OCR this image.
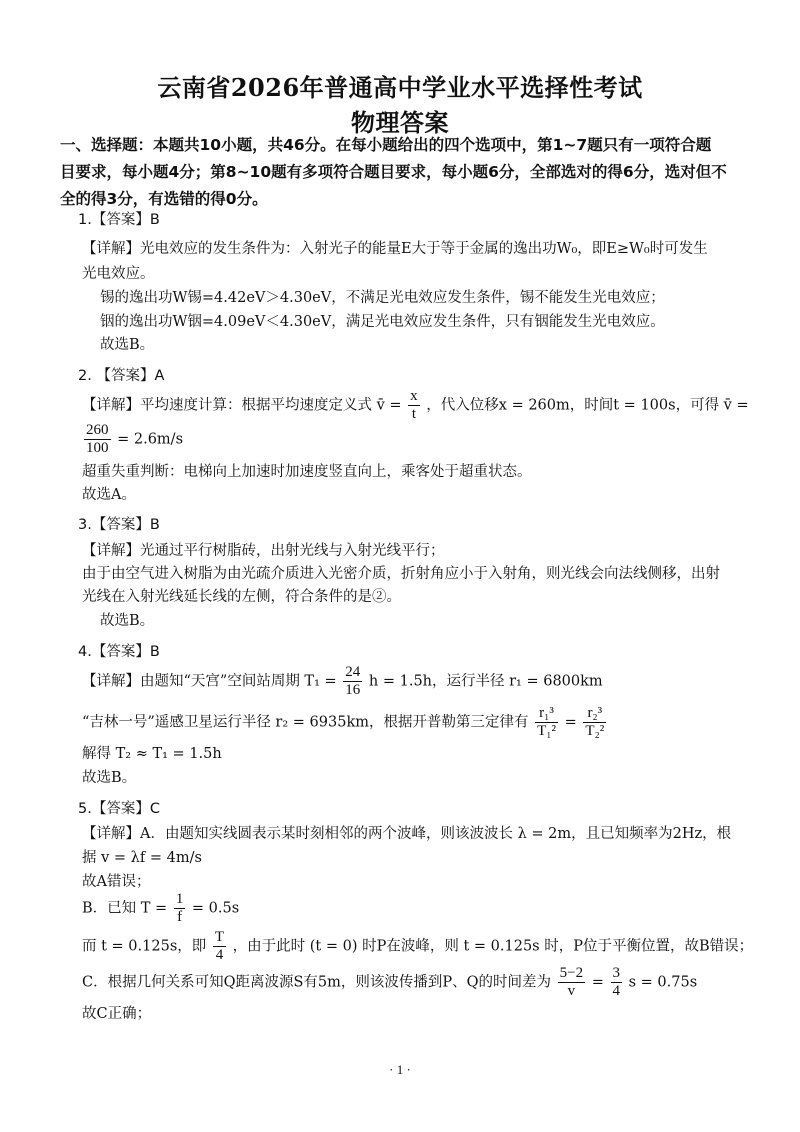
云南省2026年普通高中学业水平选择性考试
物理答案
一、选择题：本题共10小题，共46分。在每小题给出的四个选项中，第1~7题只有一项符合题
目要求，每小题4分；第8~10题有多项符合题目要求，每小题6分，全部选对的得6分，选对但不
全的得3分，有选错的得0分。
1.【答案】B
【详解】光电效应的发生条件为：入射光子的能量E大于等于金属的逸出功W₀，即E≥W₀时可发生
光电效应。
锡的逸出功W锡=4.42eV＞4.30eV，不满足光电效应发生条件，锡不能发生光电效应；
铟的逸出功W铟=4.09eV＜4.30eV，满足光电效应发生条件，只有铟能发生光电效应。
故选B。
2. 【答案】A
【详解】平均速度计算：根据平均速度定义式 v̄ = $\frac{x}{t}$ ，代入位移x = 260m，时间t = 100s，可得 v̄ =
$\frac{260}{100} = 2.6m/s$
超重失重判断：电梯向上加速时加速度竖直向上，乘客处于超重状态。
故选A。
3.【答案】B
【详解】光通过平行树脂砖，出射光线与入射光线平行；
由于由空气进入树脂为由光疏介质进入光密介质，折射角应小于入射角，则光线会向法线侧移，出射
光线在入射光线延长线的左侧，符合条件的是②。
故选B。
4.【答案】B
【详解】由题知“天宫”空间站周期 $T_1 = \frac{24}{16}$ h = 1.5h，运行半径 r₁ = 6800km
“吉林一号”遥感卫星运行半径 r₂ = 6935km，根据开普勒第三定律有 $\frac{\text{r₁³}}{\text{T₁²}} = \frac{\text{r₂³}}{\text{T₂²}}$
解得 T₂ ≈ T₁ = 1.5h
故选B。
5.【答案】C
【详解】A．由题知实线圆表示某时刻相邻的两个波峰，则该波波长 λ = 2m，且已知频率为2Hz，根
据 v = λf = 4m/s
故A错误；
B．已知 $T = \frac{1}{f} = 0.5s$
而 t = 0.125s，即 $\frac{T}{4}$ ，由于此时 (t = 0) 时P在波峰，则 t = 0.125s 时，P位于平衡位置，故B错误；
C．根据几何关系可知Q距离波源S有5m，则该波传播到P、Q的时间差为 $\frac{5-2}{v} = \frac{3}{4}$ s = 0.75s
故C正确；
· 1 ·
